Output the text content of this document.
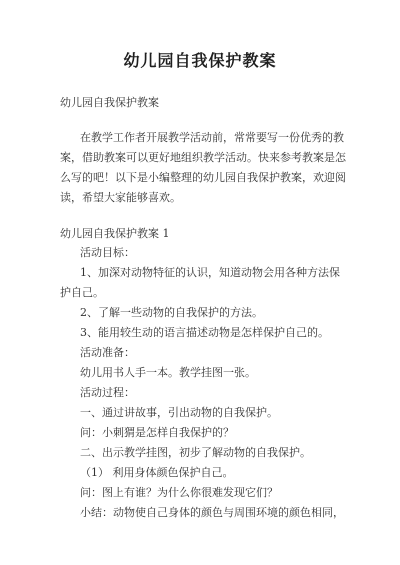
幼儿园自我保护教案
幼儿园自我保护教案
在教学工作者开展教学活动前，常常要写一份优秀的教
案，借助教案可以更好地组织教学活动。快来参考教案是怎
么写的吧！以下是小编整理的幼儿园自我保护教案，欢迎阅
读，希望大家能够喜欢。
幼儿园自我保护教案 1
活动目标：
1、加深对动物特征的认识，知道动物会用各种方法保
护自己。
2、了解一些动物的自我保护的方法。
3、能用较生动的语言描述动物是怎样保护自己的。
活动准备：
幼儿用书人手一本。教学挂图一张。
活动过程：
一、通过讲故事，引出动物的自我保护。
问：小刺猬是怎样自我保护的？
二、出示教学挂图，初步了解动物的自我保护。
（1） 利用身体颜色保护自己。
问：图上有谁？为什么你很难发现它们？
小结：动物使自己身体的颜色与周围环境的颜色相同，
